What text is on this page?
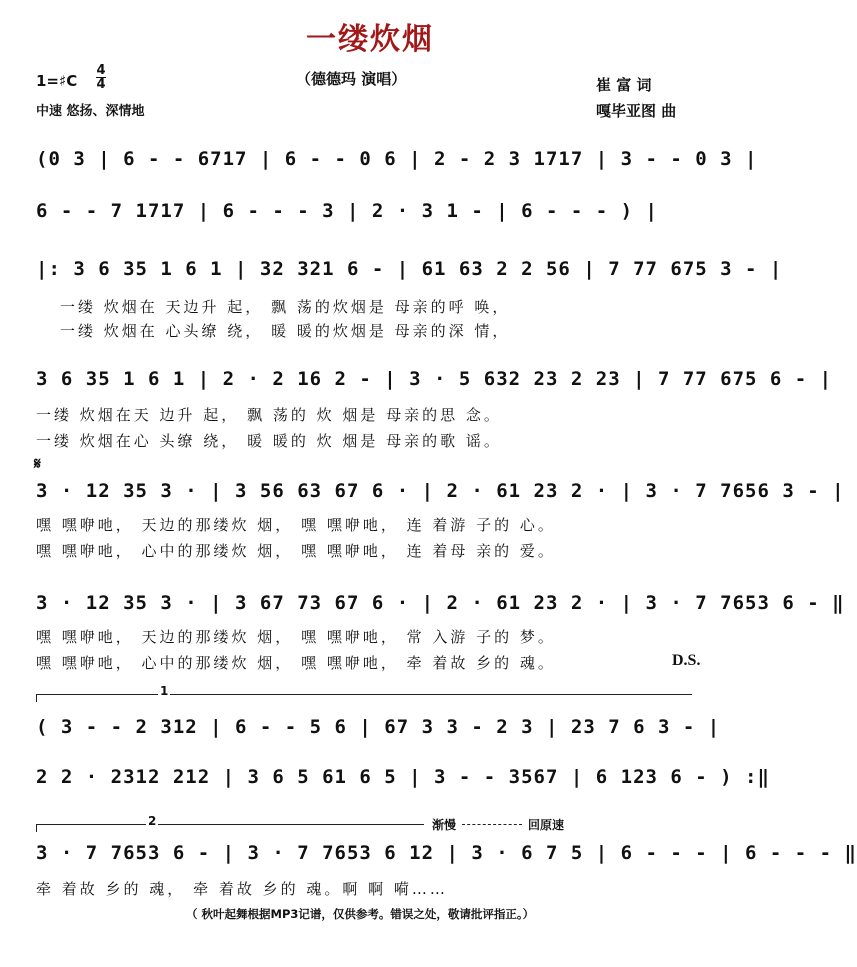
一缕炊烟
1=♯C
4
4	（德德玛 演唱）	崔 富 词
中速 悠扬、深情地	嘎毕亚图 曲
(0 3 | 6 - - 6717 | 6 - - 0 6 | 2 - 2 3 1717 | 3 - - 0 3 |
6 - - 7 1717 | 6 - - - 3 | 2 · 3 1 - | 6 - - - ) |
|: 3 6 35 1 6 1 | 32 321 6 - | 61 63 2 2 56 | 7 77 675 3 - |
一缕 炊烟在 天边升 起， 飘 荡的炊烟是 母亲的呼 唤，
一缕 炊烟在 心头缭 绕， 暖 暖的炊烟是 母亲的深 情，
3 6 35 1 6 1 | 2 · 2 16 2 - | 3 · 5 632 23 2 23 | 7 77 675 6 - |
一缕 炊烟在天 边升 起， 飘 荡的 炊 烟是 母亲的思 念。
一缕 炊烟在心 头缭 绕， 暖 暖的 炊 烟是 母亲的歌 谣。
𝄋
3 · 12 35 3 · | 3 56 63 67 6 · | 2 · 61 23 2 · | 3 · 7 7656 3 - |
嘿 嘿咿吔， 天边的那缕炊 烟， 嘿 嘿咿吔， 连 着游 子的 心。
嘿 嘿咿吔， 心中的那缕炊 烟， 嘿 嘿咿吔， 连 着母 亲的 爱。
3 · 12 35 3 · | 3 67 73 67 6 · | 2 · 61 23 2 · | 3 · 7 7653 6 - ‖
嘿 嘿咿吔， 天边的那缕炊 烟， 嘿 嘿咿吔， 常 入游 子的 梦。
嘿 嘿咿吔， 心中的那缕炊 烟， 嘿 嘿咿吔， 牵 着故 乡的 魂。	D.S.
1
( 3 - - 2 312 | 6 - - 5 6 | 67 3 3 - 2 3 | 23 7 6 3 - |
2 2 · 2312 212 | 3 6 5 61 6 5 | 3 - - 3567 | 6 123 6 - ) :‖
2	渐慢	回原速
3 · 7 7653 6 - | 3 · 7 7653 6 12 | 3 · 6 7 5 | 6 - - - | 6 - - - ‖
牵 着故 乡的 魂， 牵 着故 乡的 魂。啊 啊 嗬……
（ 秋叶起舞根据MP3记谱，仅供参考。错误之处，敬请批评指正。）
